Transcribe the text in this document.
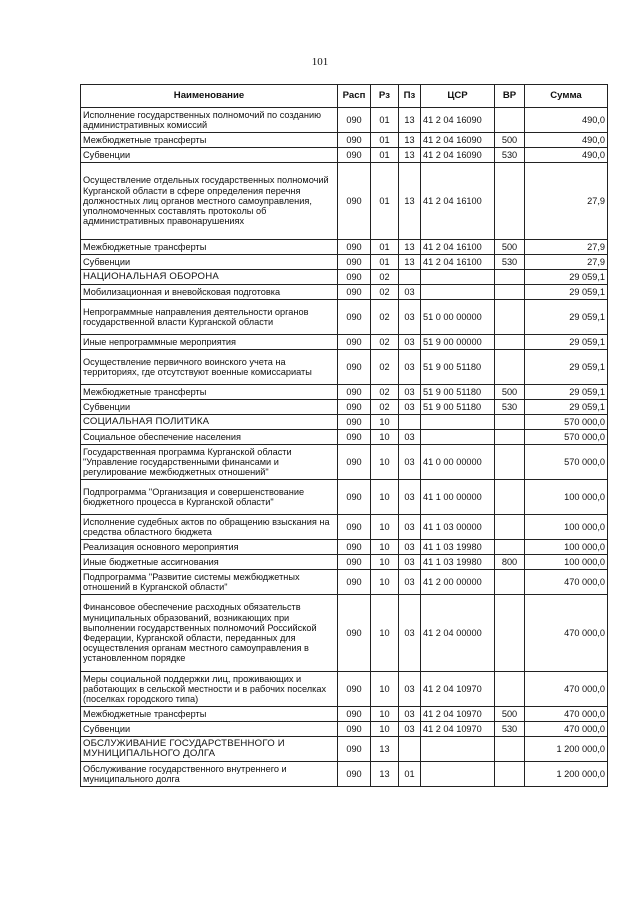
101
Наименование	Расп	Рз	Пз	ЦСР	ВР	Сумма
Исполнение государственных полномочий по созданию административных комиссий	090	01	13	41 2 04 16090		490,0
Межбюджетные трансферты	090	01	13	41 2 04 16090	500	490,0
Субвенции	090	01	13	41 2 04 16090	530	490,0
Осуществление отдельных государственных полномочий Курганской области в сфере определения перечня должностных лиц органов местного самоуправления, уполномоченных составлять протоколы об административных правонарушениях	090	01	13	41 2 04 16100		27,9
Межбюджетные трансферты	090	01	13	41 2 04 16100	500	27,9
Субвенции	090	01	13	41 2 04 16100	530	27,9
НАЦИОНАЛЬНАЯ ОБОРОНА	090	02				29 059,1
Мобилизационная и вневойсковая подготовка	090	02	03			29 059,1
Непрограммные направления деятельности органов государственной власти Курганской области	090	02	03	51 0 00 00000		29 059,1
Иные непрограммные мероприятия	090	02	03	51 9 00 00000		29 059,1
Осуществление первичного воинского учета на территориях, где отсутствуют военные комиссариаты	090	02	03	51 9 00 51180		29 059,1
Межбюджетные трансферты	090	02	03	51 9 00 51180	500	29 059,1
Субвенции	090	02	03	51 9 00 51180	530	29 059,1
СОЦИАЛЬНАЯ ПОЛИТИКА	090	10				570 000,0
Социальное обеспечение населения	090	10	03			570 000,0
Государственная программа Курганской области "Управление государственными финансами и регулирование межбюджетных отношений"	090	10	03	41 0 00 00000		570 000,0
Подпрограмма "Организация и совершенствование бюджетного процесса в Курганской области"	090	10	03	41 1 00 00000		100 000,0
Исполнение судебных актов по обращению взыскания на средства областного бюджета	090	10	03	41 1 03 00000		100 000,0
Реализация основного мероприятия	090	10	03	41 1 03 19980		100 000,0
Иные бюджетные ассигнования	090	10	03	41 1 03 19980	800	100 000,0
Подпрограмма "Развитие системы межбюджетных отношений в Курганской области"	090	10	03	41 2 00 00000		470 000,0
Финансовое обеспечение расходных обязательств муниципальных образований, возникающих при выполнении государственных полномочий Российской Федерации, Курганской области, переданных для осуществления органам местного самоуправления в установленном порядке	090	10	03	41 2 04 00000		470 000,0
Меры социальной поддержки лиц, проживающих и работающих в сельской местности и в рабочих поселках (поселках городского типа)	090	10	03	41 2 04 10970		470 000,0
Межбюджетные трансферты	090	10	03	41 2 04 10970	500	470 000,0
Субвенции	090	10	03	41 2 04 10970	530	470 000,0
ОБСЛУЖИВАНИЕ ГОСУДАРСТВЕННОГО И МУНИЦИПАЛЬНОГО ДОЛГА	090	13				1 200 000,0
Обслуживание государственного внутреннего и муниципального долга	090	13	01			1 200 000,0
